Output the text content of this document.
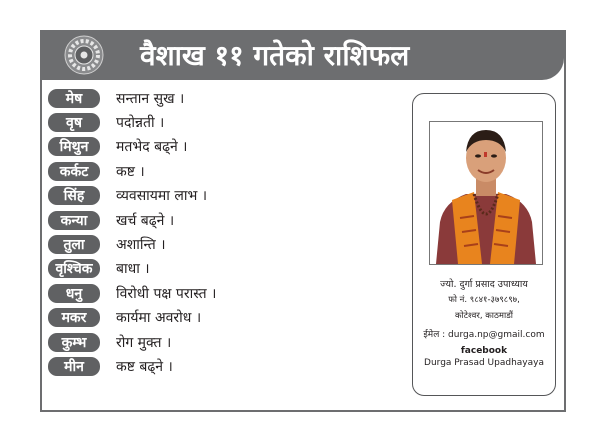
वैशाख ११ गतेको राशिफल
मेष	सन्तान सुख ।
वृष	पदोन्नती ।
मिथुन	मतभेद बढ्ने ।
कर्कट	कष्ट ।
सिंह	व्यवसायमा लाभ ।
कन्या	खर्च बढ्ने ।
तुला	अशान्ति ।
वृश्चिक	बाधा ।
धनु	विरोधी पक्ष परास्त ।
मकर	कार्यमा अवरोध ।
कुम्भ	रोग मुक्त ।
मीन	कष्ट बढ्ने ।
ज्यो. दुर्गा प्रसाद उपाध्याय
फो नं. ९८४१-३७९८९७,
कोटेश्वर, काठमाडौं
ईमेल : durga.np@gmail.com
facebook
Durga Prasad Upadhayaya
